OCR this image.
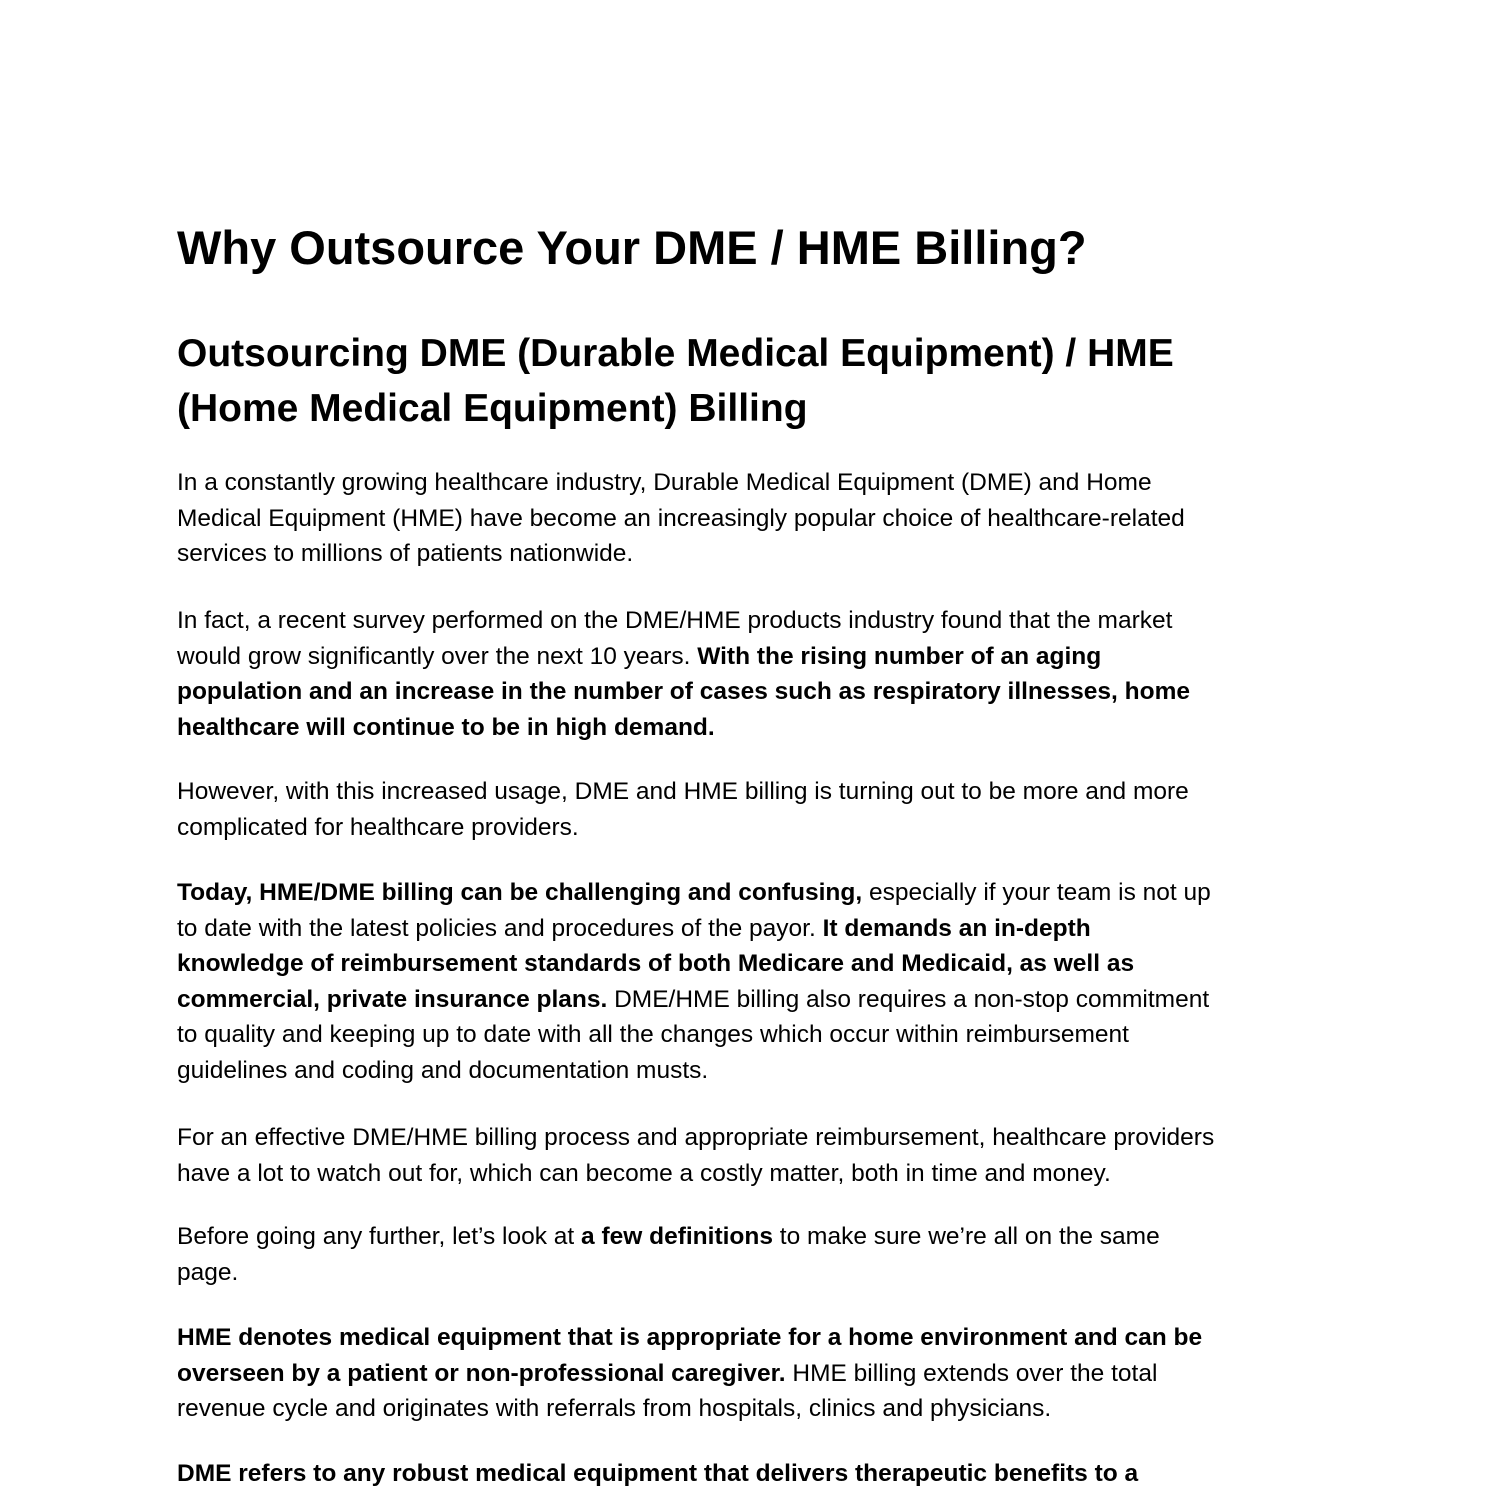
Why Outsource Your DME / HME Billing?
Outsourcing DME (Durable Medical Equipment) / HME
(Home Medical Equipment) Billing
In a constantly growing healthcare industry, Durable Medical Equipment (DME) and Home
Medical Equipment (HME) have become an increasingly popular choice of healthcare-related
services to millions of patients nationwide.
In fact, a recent survey performed on the DME/HME products industry found that the market
would grow significantly over the next 10 years. With the rising number of an aging
population and an increase in the number of cases such as respiratory illnesses, home
healthcare will continue to be in high demand.
However, with this increased usage, DME and HME billing is turning out to be more and more
complicated for healthcare providers.
Today, HME/DME billing can be challenging and confusing, especially if your team is not up
to date with the latest policies and procedures of the payor. It demands an in-depth
knowledge of reimbursement standards of both Medicare and Medicaid, as well as
commercial, private insurance plans. DME/HME billing also requires a non-stop commitment
to quality and keeping up to date with all the changes which occur within reimbursement
guidelines and coding and documentation musts.
For an effective DME/HME billing process and appropriate reimbursement, healthcare providers
have a lot to watch out for, which can become a costly matter, both in time and money.
Before going any further, let’s look at a few definitions to make sure we’re all on the same
page.
HME denotes medical equipment that is appropriate for a home environment and can be
overseen by a patient or non-professional caregiver. HME billing extends over the total
revenue cycle and originates with referrals from hospitals, clinics and physicians.
DME refers to any robust medical equipment that delivers therapeutic benefits to a
